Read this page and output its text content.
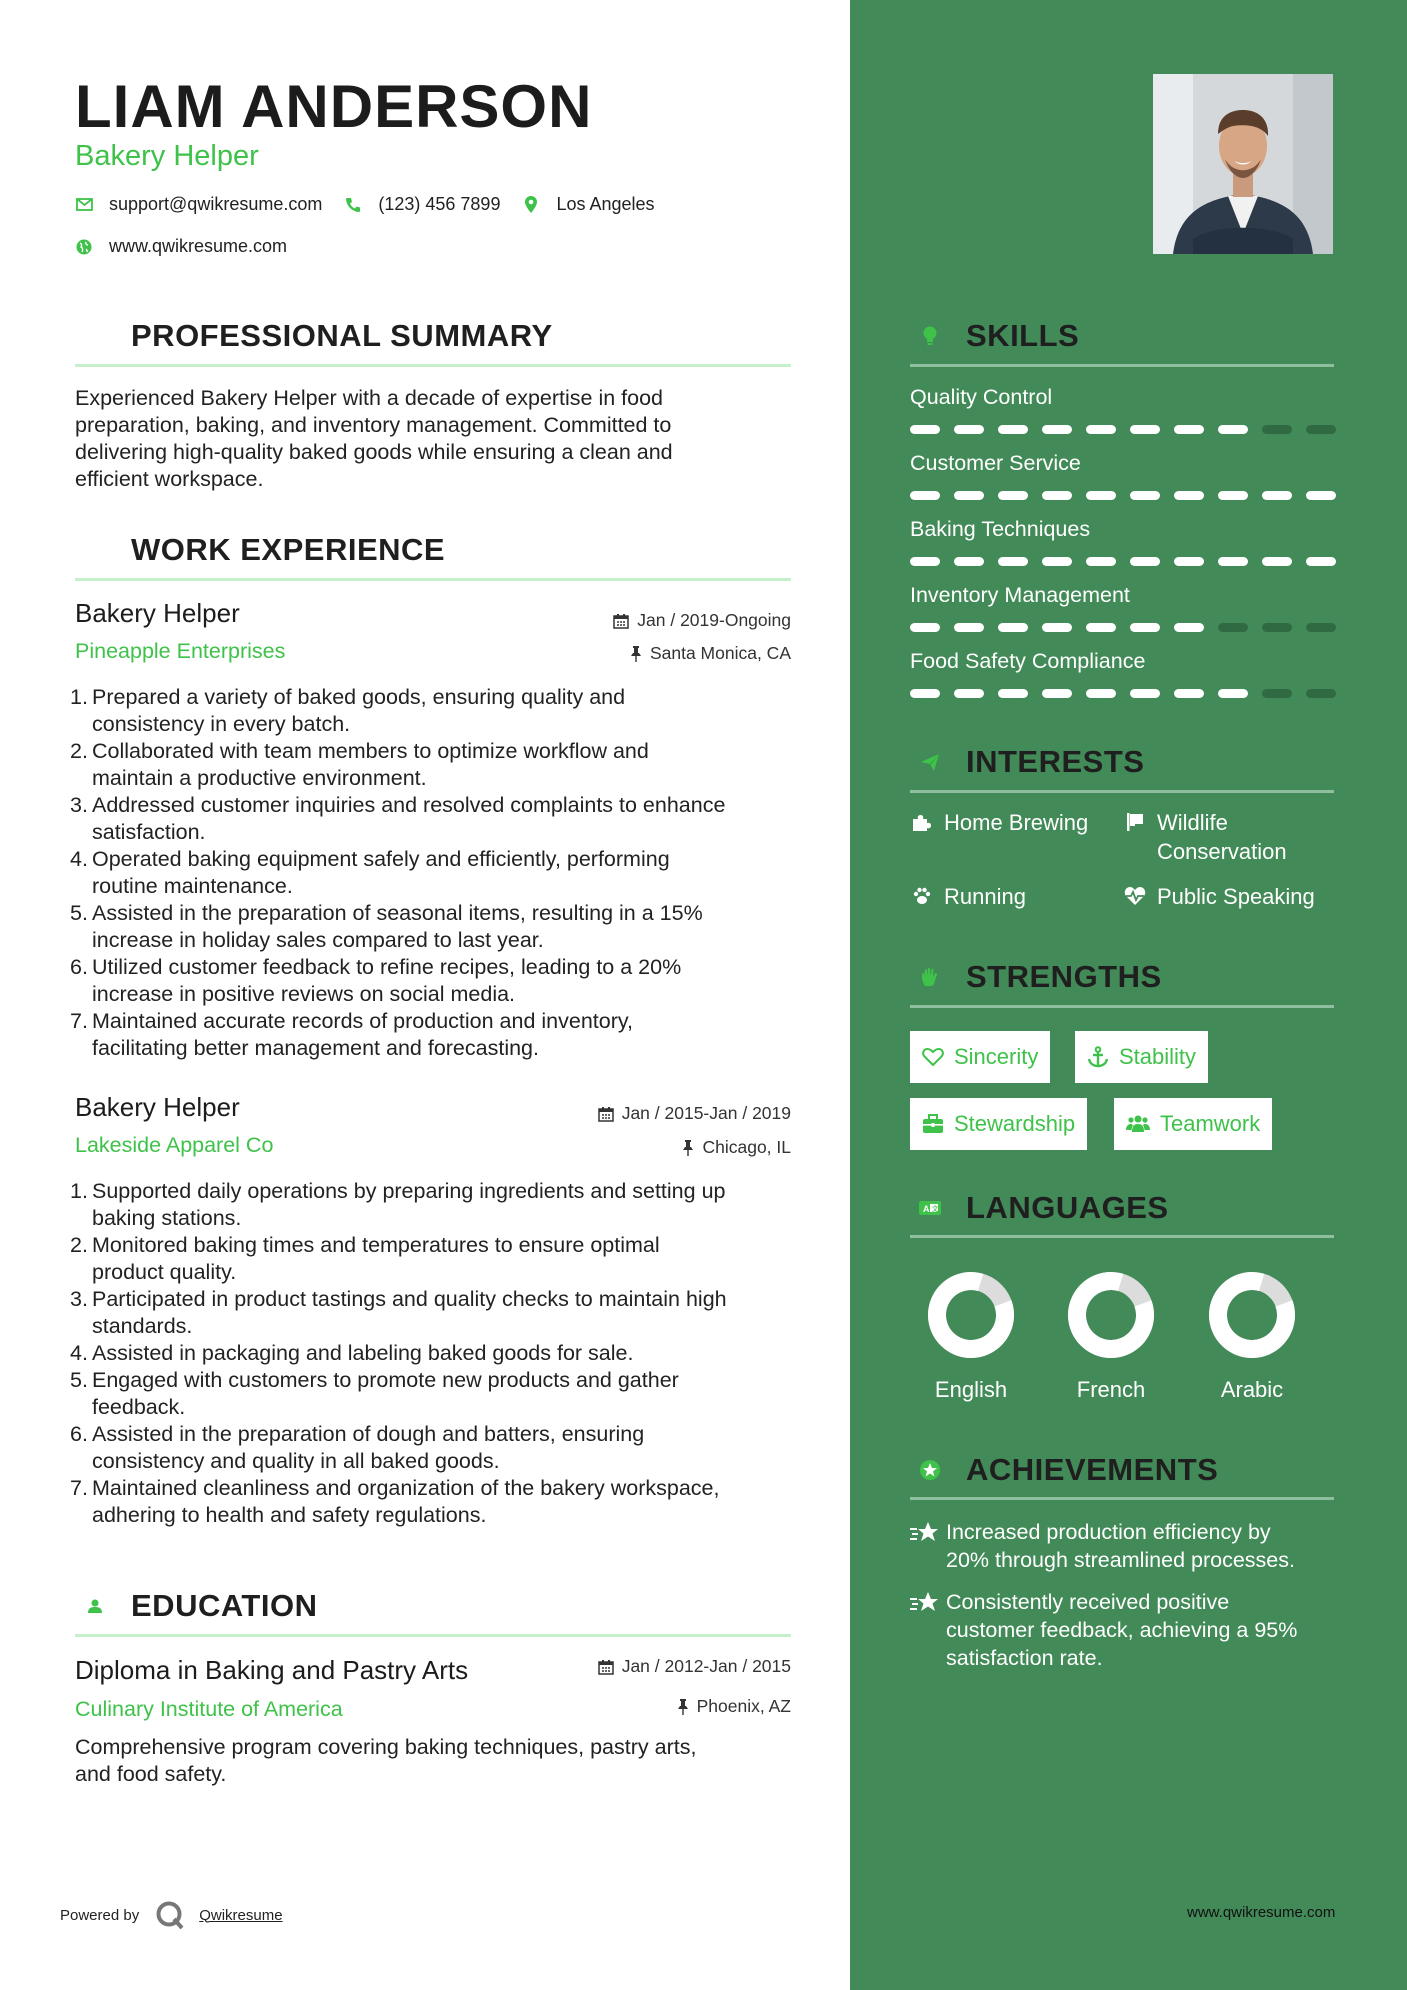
LIAM ANDERSON
Bakery Helper
support@qwikresume.com	(123) 456 7899	Los Angeles
www.qwikresume.com
PROFESSIONAL SUMMARY
Experienced Bakery Helper with a decade of expertise in food
preparation, baking, and inventory management. Committed to
delivering high-quality baked goods while ensuring a clean and
efficient workspace.
WORK EXPERIENCE
Bakery Helper	Jan / 2019-Ongoing
Pineapple Enterprises	Santa Monica, CA
1. Prepared a variety of baked goods, ensuring quality and
consistency in every batch.
2. Collaborated with team members to optimize workflow and
maintain a productive environment.
3. Addressed customer inquiries and resolved complaints to enhance
satisfaction.
4. Operated baking equipment safely and efficiently, performing
routine maintenance.
5. Assisted in the preparation of seasonal items, resulting in a 15%
increase in holiday sales compared to last year.
6. Utilized customer feedback to refine recipes, leading to a 20%
increase in positive reviews on social media.
7. Maintained accurate records of production and inventory,
facilitating better management and forecasting.
Bakery Helper	Jan / 2015-Jan / 2019
Lakeside Apparel Co	Chicago, IL
1. Supported daily operations by preparing ingredients and setting up
baking stations.
2. Monitored baking times and temperatures to ensure optimal
product quality.
3. Participated in product tastings and quality checks to maintain high
standards.
4. Assisted in packaging and labeling baked goods for sale.
5. Engaged with customers to promote new products and gather
feedback.
6. Assisted in the preparation of dough and batters, ensuring
consistency and quality in all baked goods.
7. Maintained cleanliness and organization of the bakery workspace,
adhering to health and safety regulations.
EDUCATION
Diploma in Baking and Pastry Arts	Jan / 2012-Jan / 2015
Culinary Institute of America	Phoenix, AZ
Comprehensive program covering baking techniques, pastry arts,
and food safety.
Powered by	Qwikresume
SKILLS
Quality Control
Customer Service
Baking Techniques
Inventory Management
Food Safety Compliance
INTERESTS
Home Brewing	Wildlife
Conservation
Running	Public Speaking
STRENGTHS
Sincerity	Stability
Stewardship	Teamwork
A 文 LANGUAGES
English	French	Arabic
ACHIEVEMENTS
Increased production efficiency by
20% through streamlined processes.
Consistently received positive
customer feedback, achieving a 95%
satisfaction rate.
www.qwikresume.com
